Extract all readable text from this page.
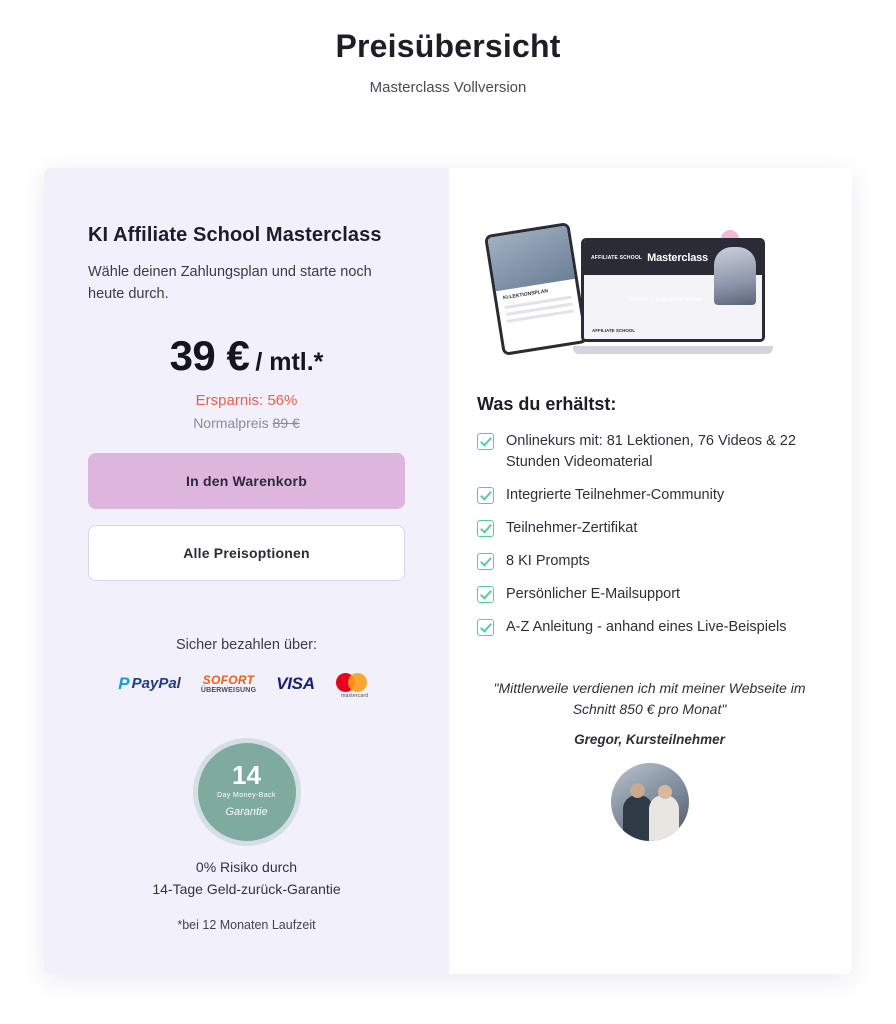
Preisübersicht
Masterclass Vollversion
KI Affiliate School Masterclass
Wähle deinen Zahlungsplan und starte noch heute durch.
39 € / mtl.*
Ersparnis: 56%
Normalpreis 89 €
In den Warenkorb
Alle Preisoptionen
Sicher bezahlen über:
P PayPal SOFORT
ÜBERWEISUNG VISA
mastercard
14
Day Money-Back
Garantie
0% Risiko durch
14-Tage Geld-zurück-Garantie
*bei 12 Monaten Laufzeit
KI-LEKTIONSPLAN
AFFILIATE SCHOOL Masterclass
Verdiene Geld mit deiner Website
AFFILIATE SCHOOL
Was du erhältst:
Onlinekurs mit: 81 Lektionen, 76 Videos & 22 Stunden Videomaterial
Integrierte Teilnehmer-Community
Teilnehmer-Zertifikat
8 KI Prompts
Persönlicher E-Mailsupport
A-Z Anleitung - anhand eines Live-Beispiels
"Mittlerweile verdienen ich mit meiner Webseite im Schnitt 850 € pro Monat"
Gregor, Kursteilnehmer
